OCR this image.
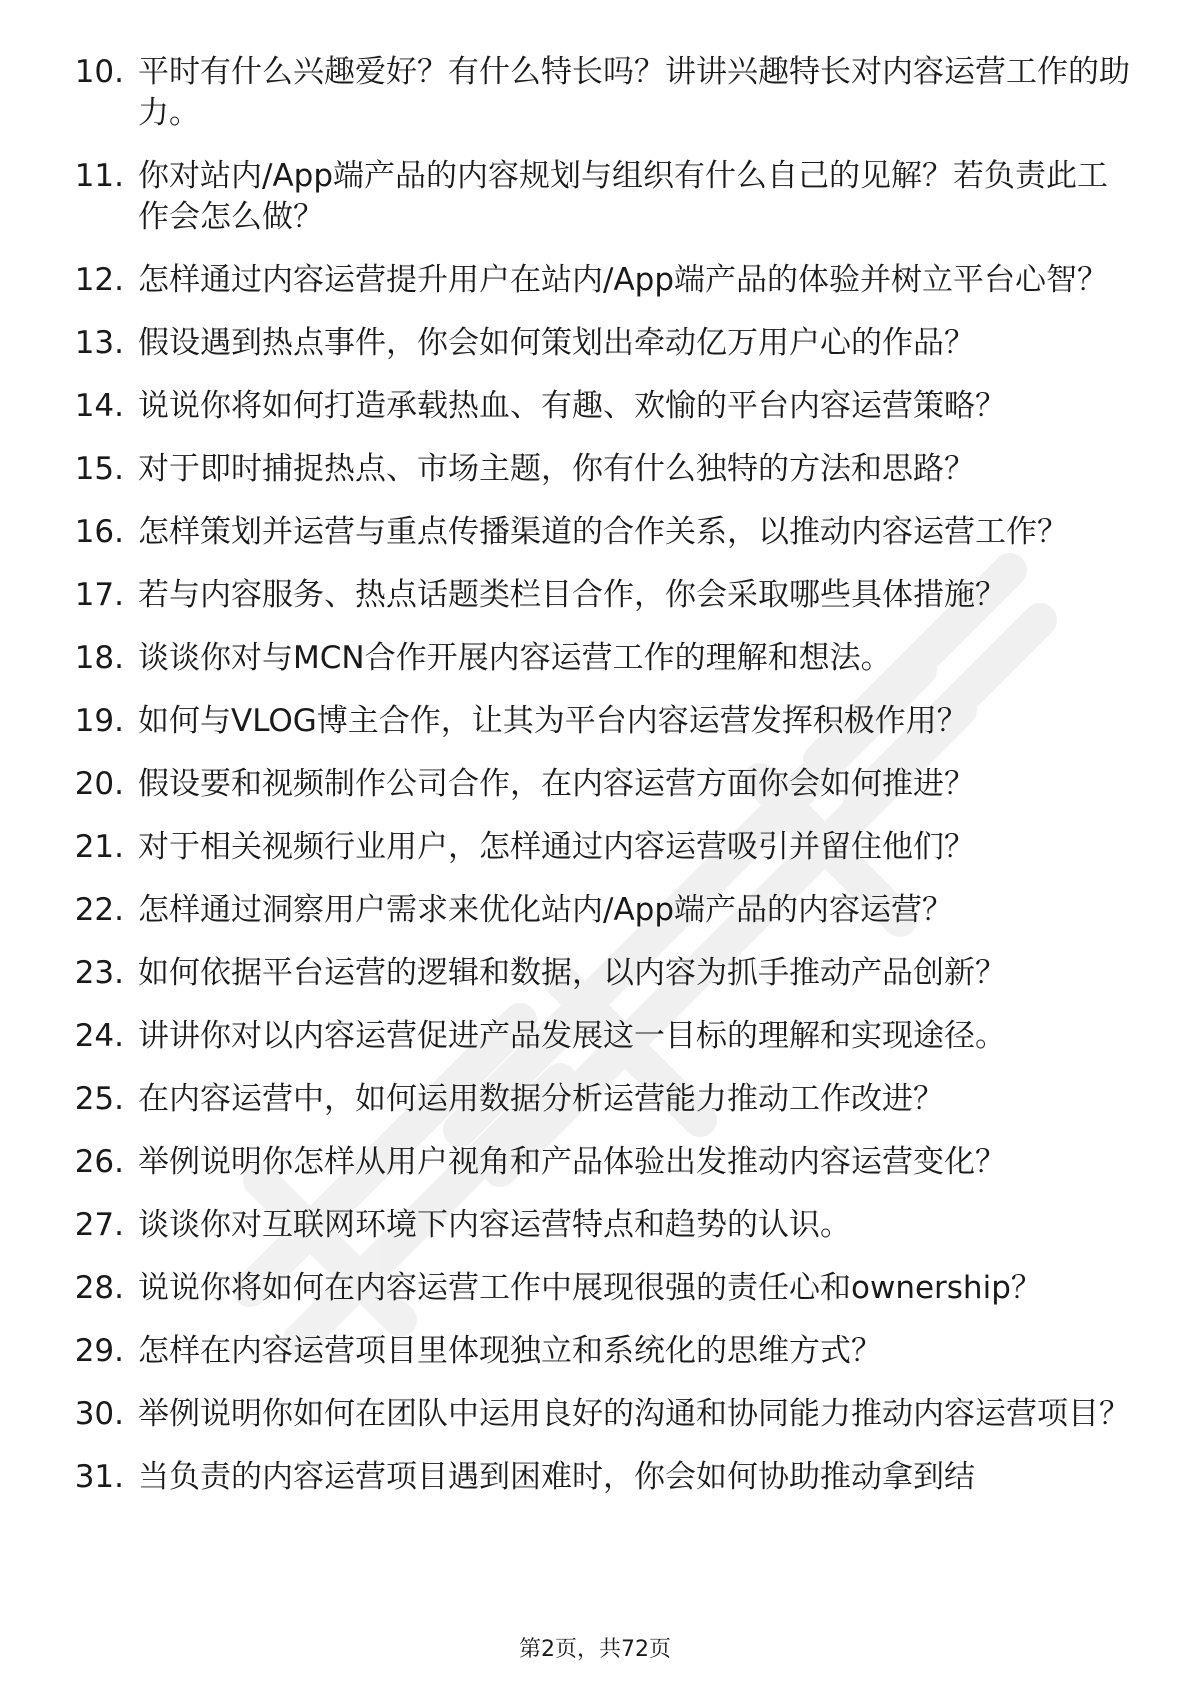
10. 平时有什么兴趣爱好？有什么特长吗？讲讲兴趣特长对内容运营工作的助力。
11. 你对站内/App端产品的内容规划与组织有什么自己的见解？若负责此工作会怎么做？
12. 怎样通过内容运营提升用户在站内/App端产品的体验并树立平台心智？
13. 假设遇到热点事件，你会如何策划出牵动亿万用户心的作品？
14. 说说你将如何打造承载热血、有趣、欢愉的平台内容运营策略？
15. 对于即时捕捉热点、市场主题，你有什么独特的方法和思路？
16. 怎样策划并运营与重点传播渠道的合作关系，以推动内容运营工作？
17. 若与内容服务、热点话题类栏目合作，你会采取哪些具体措施？
18. 谈谈你对与MCN合作开展内容运营工作的理解和想法。
19. 如何与VLOG博主合作，让其为平台内容运营发挥积极作用？
20. 假设要和视频制作公司合作，在内容运营方面你会如何推进？
21. 对于相关视频行业用户，怎样通过内容运营吸引并留住他们？
22. 怎样通过洞察用户需求来优化站内/App端产品的内容运营？
23. 如何依据平台运营的逻辑和数据，以内容为抓手推动产品创新？
24. 讲讲你对以内容运营促进产品发展这一目标的理解和实现途径。
25. 在内容运营中，如何运用数据分析运营能力推动工作改进？
26. 举例说明你怎样从用户视角和产品体验出发推动内容运营变化？
27. 谈谈你对互联网环境下内容运营特点和趋势的认识。
28. 说说你将如何在内容运营工作中展现很强的责任心和ownership？
29. 怎样在内容运营项目里体现独立和系统化的思维方式？
30. 举例说明你如何在团队中运用良好的沟通和协同能力推动内容运营项目？
31. 当负责的内容运营项目遇到困难时，你会如何协助推动拿到结
第2页，共72页
